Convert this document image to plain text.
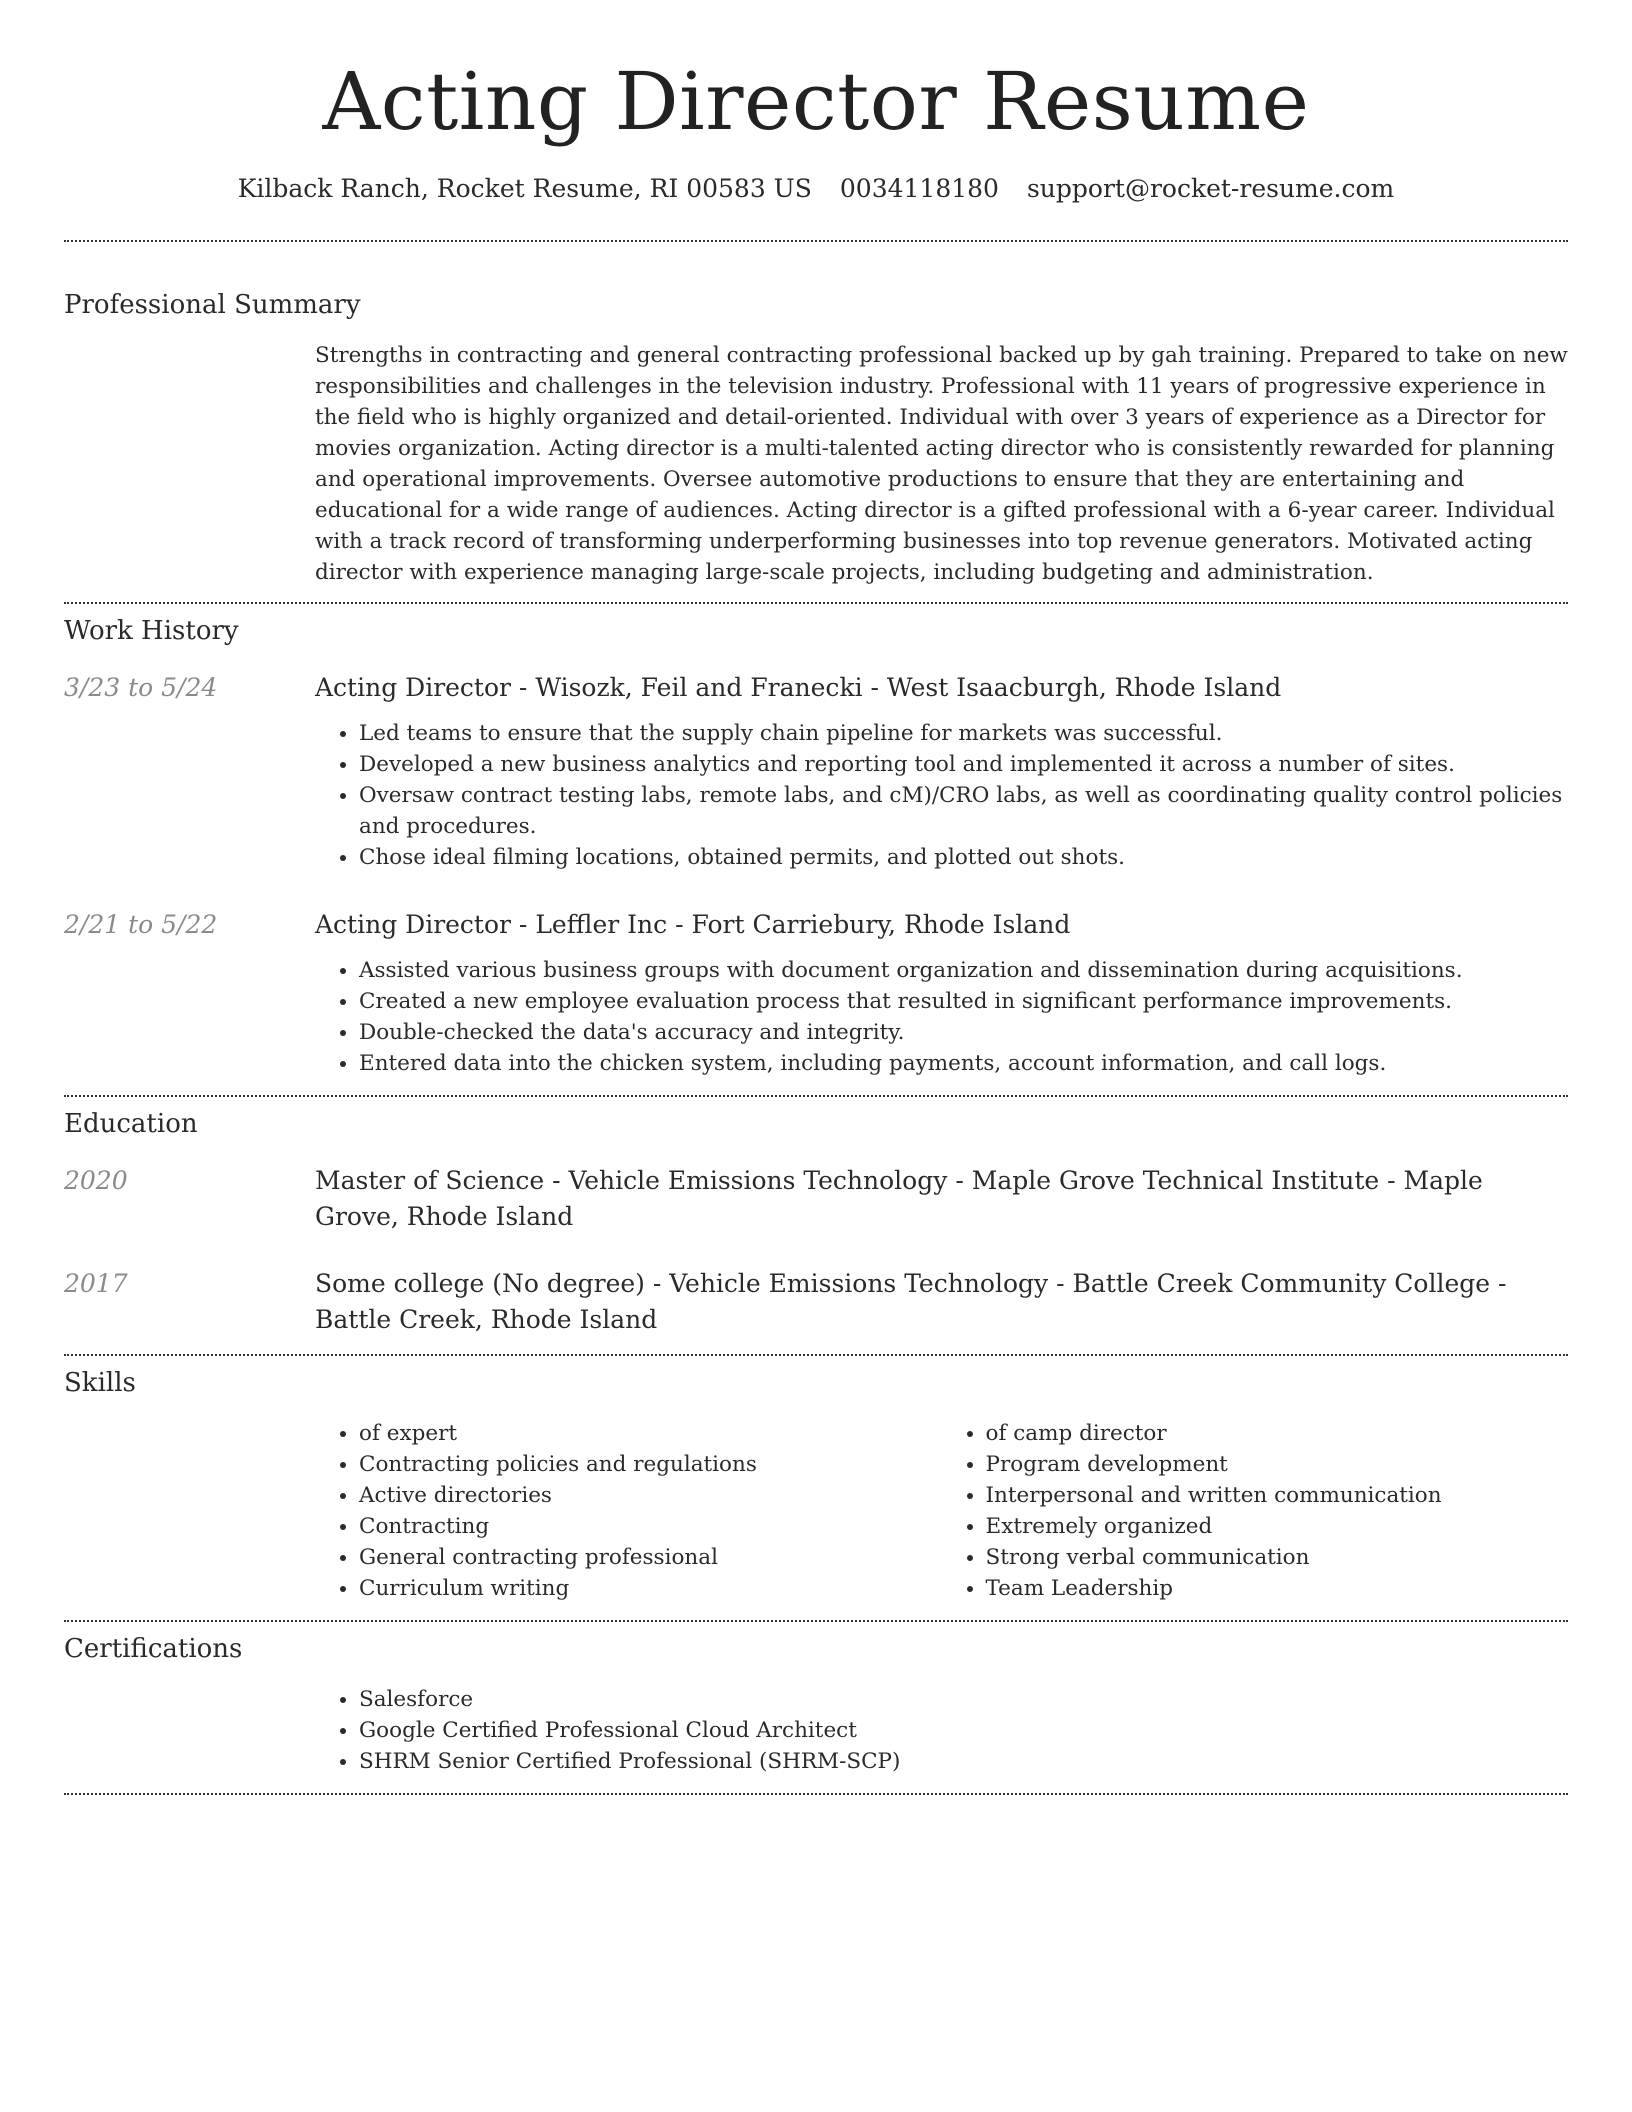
Acting Director Resume
Kilback Ranch, Rocket Resume, RI 00583 US 0034118180 support@rocket-resume.com
Professional Summary
Strengths in contracting and general contracting professional backed up by gah training. Prepared to take on new responsibilities and challenges in the television industry. Professional with 11 years of progressive experience in the field who is highly organized and detail-oriented. Individual with over 3 years of experience as a Director for movies organization. Acting director is a multi-talented acting director who is consistently rewarded for planning and operational improvements. Oversee automotive productions to ensure that they are entertaining and educational for a wide range of audiences. Acting director is a gifted professional with a 6-year career. Individual with a track record of transforming underperforming businesses into top revenue generators. Motivated acting director with experience managing large-scale projects, including budgeting and administration.
Work History
3/23 to 5/24	Acting Director - Wisozk, Feil and Franecki - West Isaacburgh, Rhode Island
• Led teams to ensure that the supply chain pipeline for markets was successful.
• Developed a new business analytics and reporting tool and implemented it across a number of sites.
• Oversaw contract testing labs, remote labs, and cM)/CRO labs, as well as coordinating quality control policies and procedures.
• Chose ideal filming locations, obtained permits, and plotted out shots.
2/21 to 5/22	Acting Director - Leffler Inc - Fort Carriebury, Rhode Island
• Assisted various business groups with document organization and dissemination during acquisitions.
• Created a new employee evaluation process that resulted in significant performance improvements.
• Double-checked the data's accuracy and integrity.
• Entered data into the chicken system, including payments, account information, and call logs.
Education
2020	Master of Science - Vehicle Emissions Technology - Maple Grove Technical Institute - Maple Grove, Rhode Island
2017	Some college (No degree) - Vehicle Emissions Technology - Battle Creek Community College - Battle Creek, Rhode Island
Skills
• of expert
• Contracting policies and regulations
• Active directories
• Contracting
• General contracting professional
• Curriculum writing
• of camp director
• Program development
• Interpersonal and written communication
• Extremely organized
• Strong verbal communication
• Team Leadership
Certifications
• Salesforce
• Google Certified Professional Cloud Architect
• SHRM Senior Certified Professional (SHRM-SCP)
